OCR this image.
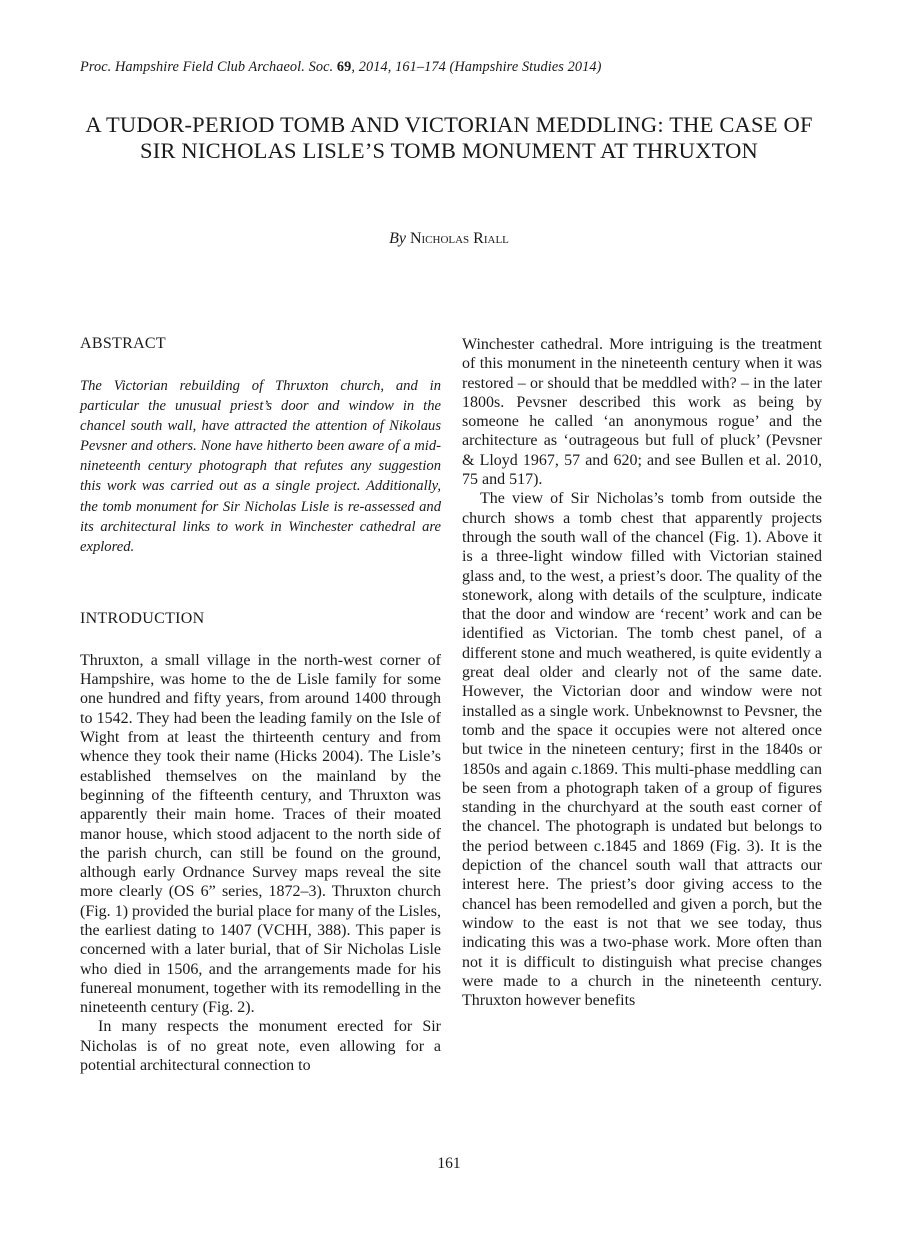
Proc. Hampshire Field Club Archaeol. Soc. 69, 2014, 161–174 (Hampshire Studies 2014)
A TUDOR-PERIOD TOMB AND VICTORIAN MEDDLING: THE CASE OF SIR NICHOLAS LISLE’S TOMB MONUMENT AT THRUXTON
By Nicholas Riall

ABSTRACT

The Victorian rebuilding of Thruxton church, and in particular the unusual priest’s door and window in the chancel south wall, have attracted the attention of Nikolaus Pevsner and others. None have hitherto been aware of a mid-nineteenth century photograph that refutes any suggestion this work was carried out as a single project. Additionally, the tomb monument for Sir Nicholas Lisle is re-assessed and its architectural links to work in Winchester cathedral are explored.

INTRODUCTION

Thruxton, a small village in the north-west corner of Hampshire, was home to the de Lisle family for some one hundred and fifty years, from around 1400 through to 1542. They had been the leading family on the Isle of Wight from at least the thirteenth century and from whence they took their name (Hicks 2004). The Lisle’s established themselves on the mainland by the beginning of the fifteenth century, and Thruxton was apparently their main home. Traces of their moated manor house, which stood adjacent to the north side of the parish church, can still be found on the ground, although early Ordnance Survey maps reveal the site more clearly (OS 6” series, 1872–3). Thruxton church (Fig. 1) provided the burial place for many of the Lisles, the earliest dating to 1407 (VCHH, 388). This paper is concerned with a later burial, that of Sir Nicholas Lisle who died in 1506, and the arrangements made for his funereal monument, together with its remodelling in the nineteenth century (Fig. 2).

In many respects the monument erected for Sir Nicholas is of no great note, even allowing for a potential architectural connection to

Winchester cathedral. More intriguing is the treatment of this monument in the nineteenth century when it was restored – or should that be meddled with? – in the later 1800s. Pevsner described this work as being by someone he called ‘an anonymous rogue’ and the architecture as ‘outrageous but full of pluck’ (Pevsner & Lloyd 1967, 57 and 620; and see Bullen et al. 2010, 75 and 517).

The view of Sir Nicholas’s tomb from outside the church shows a tomb chest that apparently projects through the south wall of the chancel (Fig. 1). Above it is a three-light window filled with Victorian stained glass and, to the west, a priest’s door. The quality of the stonework, along with details of the sculpture, indicate that the door and window are ‘recent’ work and can be identified as Victorian. The tomb chest panel, of a different stone and much weathered, is quite evidently a great deal older and clearly not of the same date. However, the Victorian door and window were not installed as a single work. Unbeknownst to Pevsner, the tomb and the space it occupies were not altered once but twice in the nineteen century; first in the 1840s or 1850s and again c.1869. This multi-phase meddling can be seen from a photograph taken of a group of figures standing in the churchyard at the south east corner of the chancel. The photograph is undated but belongs to the period between c.1845 and 1869 (Fig. 3). It is the depiction of the chancel south wall that attracts our interest here. The priest’s door giving access to the chancel has been remodelled and given a porch, but the window to the east is not that we see today, thus indicating this was a two-phase work. More often than not it is difficult to distinguish what precise changes were made to a church in the nineteenth century. Thruxton however benefits

161
